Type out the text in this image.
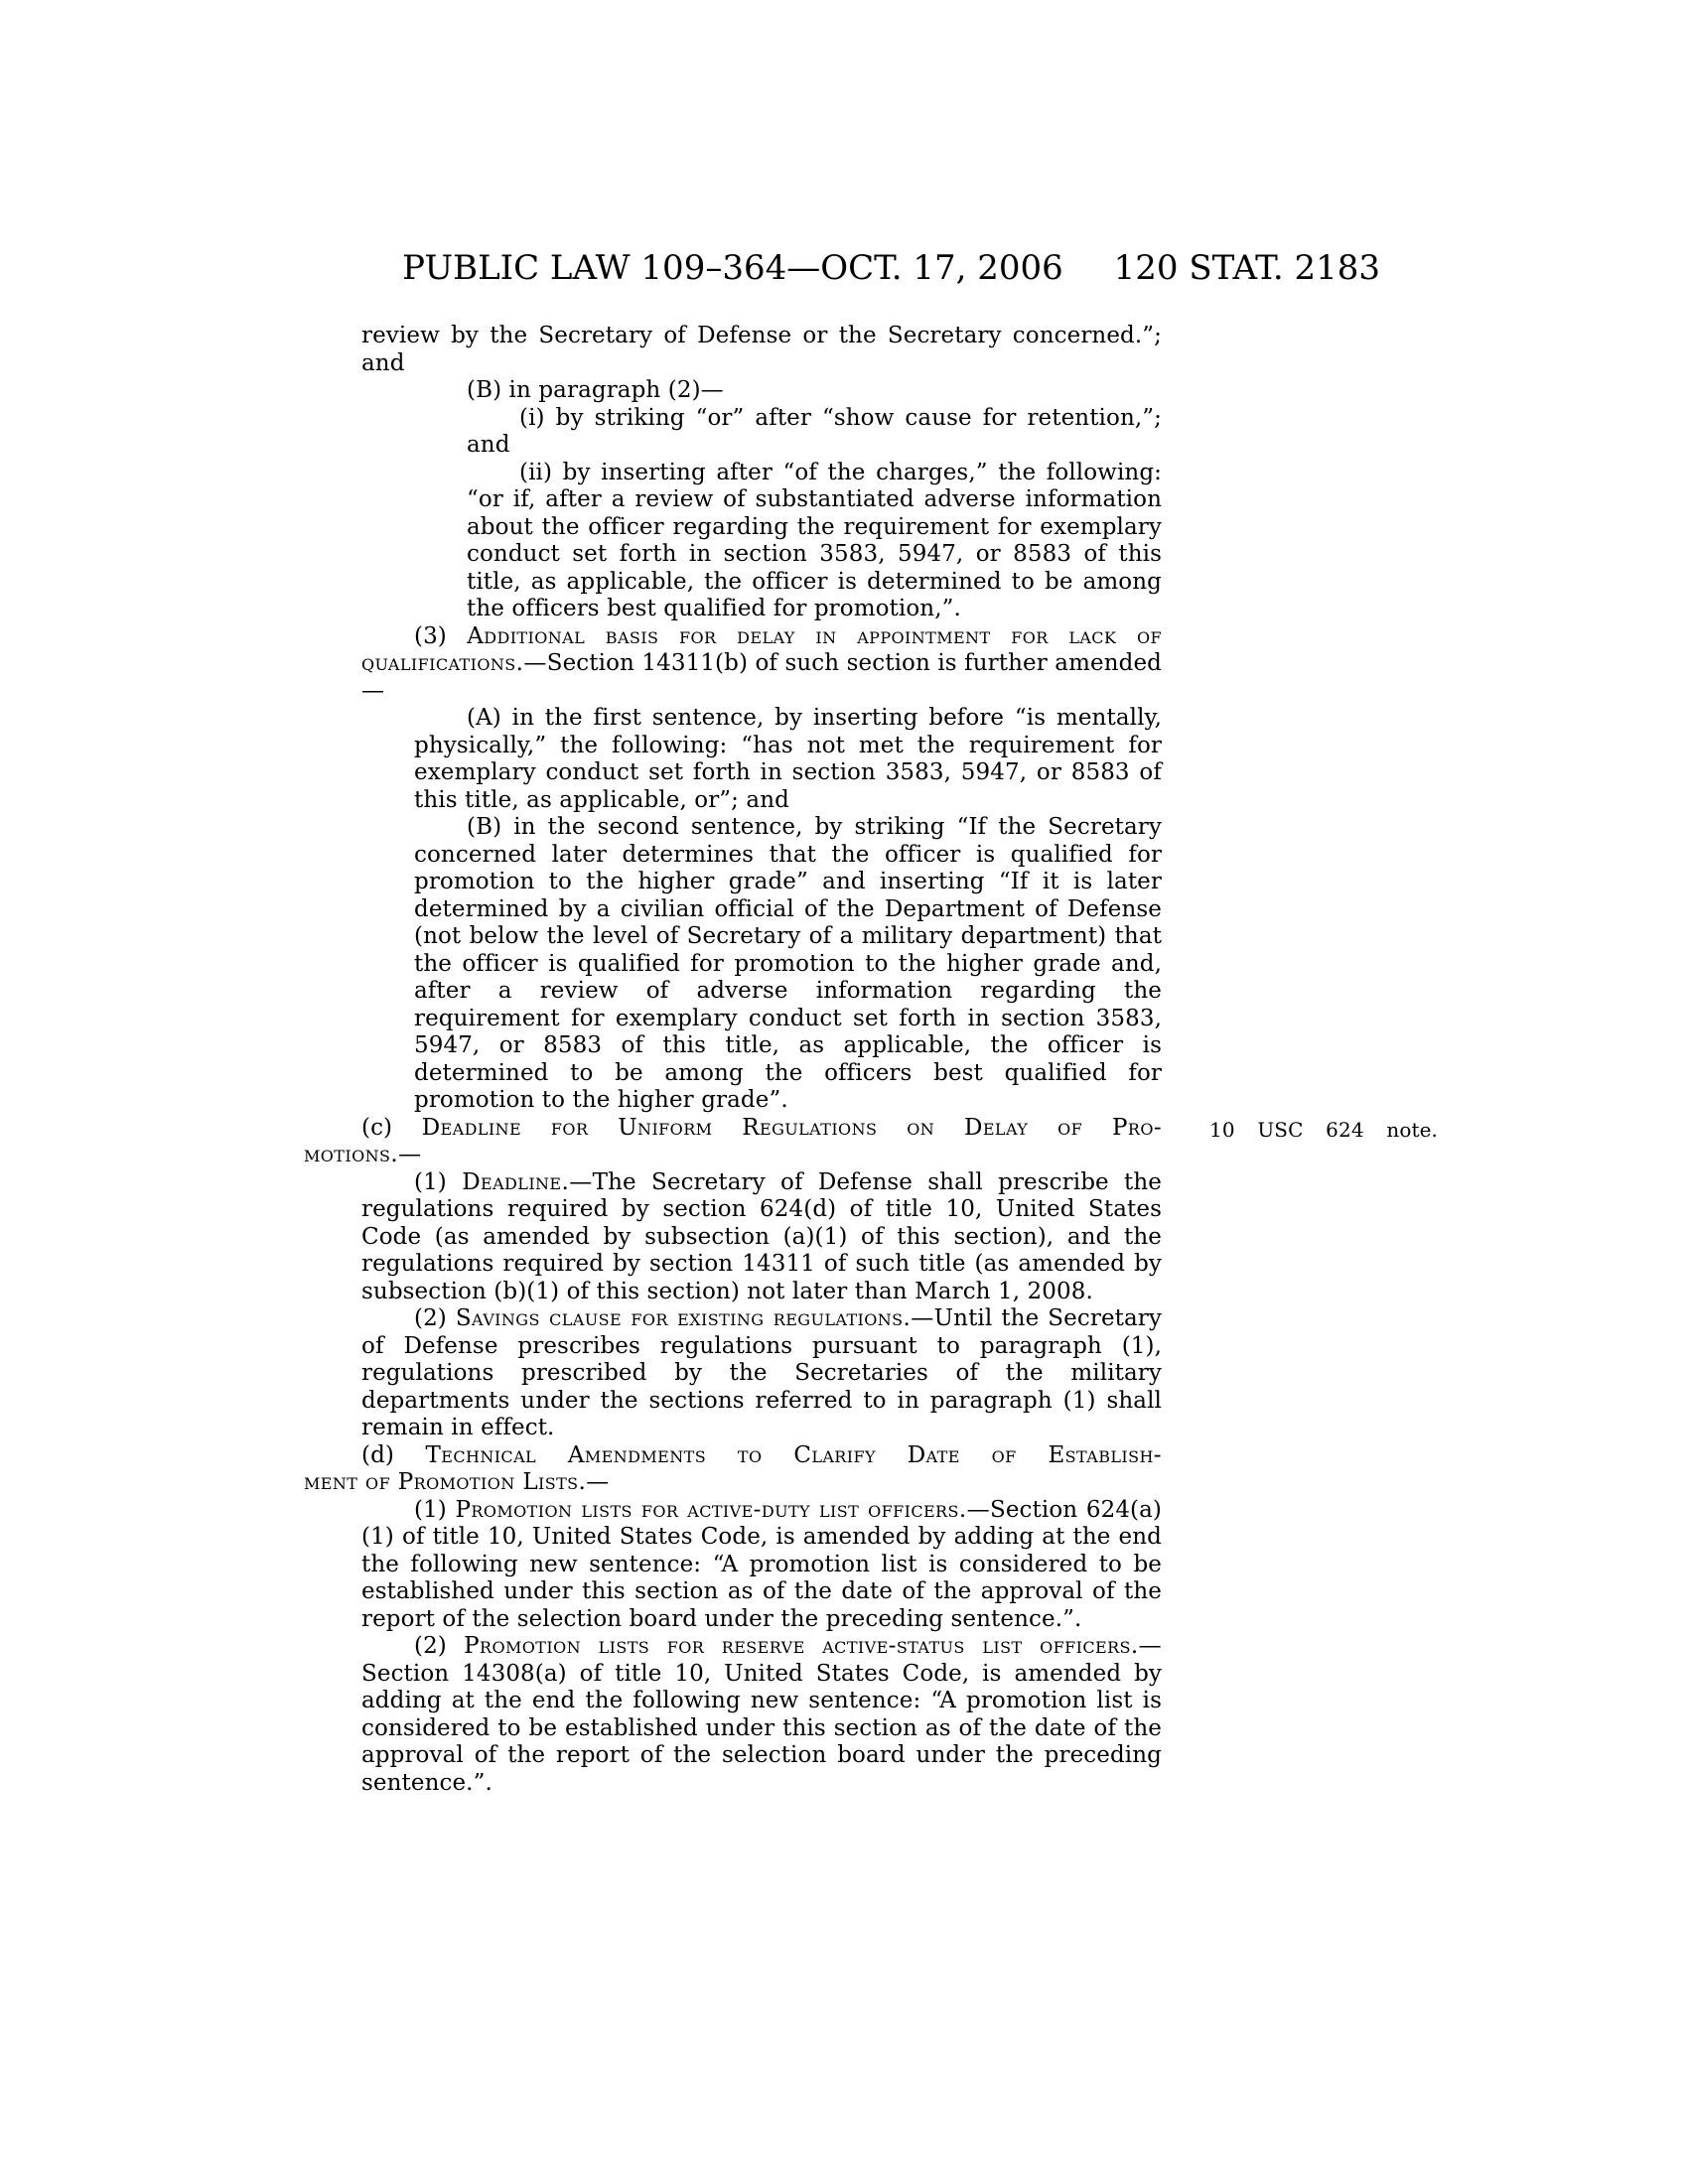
PUBLIC LAW 109–364—OCT. 17, 2006	120 STAT. 2183
review by the Secretary of Defense or the Secretary concerned.”; and
(B) in paragraph (2)—
(i) by striking “or” after “show cause for retention,”; and
(ii) by inserting after “of the charges,” the following: “or if, after a review of substantiated adverse information about the officer regarding the requirement for exemplary conduct set forth in section 3583, 5947, or 8583 of this title, as applicable, the officer is determined to be among the officers best qualified for promotion,”.
(3) Additional basis for delay in appointment for lack of qualifications.—Section 14311(b) of such section is further amended—
(A) in the first sentence, by inserting before “is mentally, physically,” the following: “has not met the requirement for exemplary conduct set forth in section 3583, 5947, or 8583 of this title, as applicable, or”; and
(B) in the second sentence, by striking “If the Secretary concerned later determines that the officer is qualified for promotion to the higher grade” and inserting “If it is later determined by a civilian official of the Department of Defense (not below the level of Secretary of a military department) that the officer is qualified for promotion to the higher grade and, after a review of adverse information regarding the requirement for exemplary conduct set forth in section 3583, 5947, or 8583 of this title, as applicable, the officer is determined to be among the officers best qualified for promotion to the higher grade”.
(c) Deadline for Uniform Regulations on Delay of Pro- 10 USC 624 note.
motions.—
(1) Deadline.—The Secretary of Defense shall prescribe the regulations required by section 624(d) of title 10, United States Code (as amended by subsection (a)(1) of this section), and the regulations required by section 14311 of such title (as amended by subsection (b)(1) of this section) not later than March 1, 2008.
(2) Savings clause for existing regulations.—Until the Secretary of Defense prescribes regulations pursuant to paragraph (1), regulations prescribed by the Secretaries of the military departments under the sections referred to in paragraph (1) shall remain in effect.
(d) Technical Amendments to Clarify Date of Establish-
ment of Promotion Lists.—
(1) Promotion lists for active-duty list officers.—Section 624(a)(1) of title 10, United States Code, is amended by adding at the end the following new sentence: “A promotion list is considered to be established under this section as of the date of the approval of the report of the selection board under the preceding sentence.”.
(2) Promotion lists for reserve active-status list officers.—Section 14308(a) of title 10, United States Code, is amended by adding at the end the following new sentence: “A promotion list is considered to be established under this section as of the date of the approval of the report of the selection board under the preceding sentence.”.
